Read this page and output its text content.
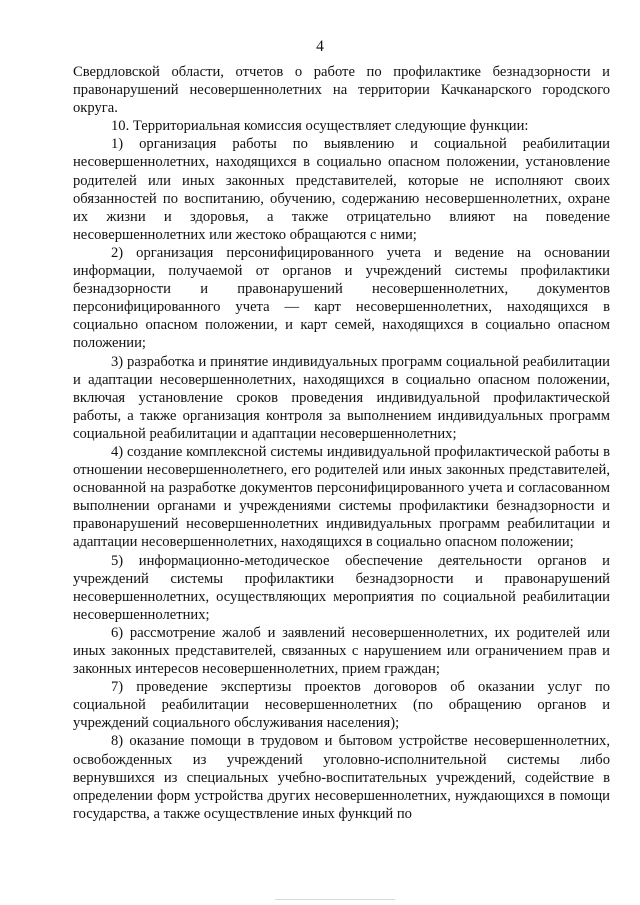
4

Свердловской области, отчетов о работе по профилактике безнадзорности и правонарушений несовершеннолетних на территории Качканарского городского округа.

10. Территориальная комиссия осуществляет следующие функции:

1) организация работы по выявлению и социальной реабилитации несовершеннолетних, находящихся в социально опасном положении, установление родителей или иных законных представителей, которые не исполняют своих обязанностей по воспитанию, обучению, содержанию несовершеннолетних, охране их жизни и здоровья, а также отрицательно влияют на поведение несовершеннолетних или жестоко обращаются с ними;

2) организация персонифицированного учета и ведение на основании информации, получаемой от органов и учреждений системы профилактики безнадзорности и правонарушений несовершеннолетних, документов персонифицированного учета — карт несовершеннолетних, находящихся в социально опасном положении, и карт семей, находящихся в социально опасном положении;

3) разработка и принятие индивидуальных программ социальной реабилитации и адаптации несовершеннолетних, находящихся в социально опасном положении, включая установление сроков проведения индивидуальной профилактической работы, а также организация контроля за выполнением индивидуальных программ социальной реабилитации и адаптации несовершеннолетних;

4) создание комплексной системы индивидуальной профилактической работы в отношении несовершеннолетнего, его родителей или иных законных представителей, основанной на разработке документов персонифицированного учета и согласованном выполнении органами и учреждениями системы профилактики безнадзорности и правонарушений несовершеннолетних индивидуальных программ реабилитации и адаптации несовершеннолетних, находящихся в социально опасном положении;

5) информационно-методическое обеспечение деятельности органов и учреждений системы профилактики безнадзорности и правонарушений несовершеннолетних, осуществляющих мероприятия по социальной реабилитации несовершеннолетних;

6) рассмотрение жалоб и заявлений несовершеннолетних, их родителей или иных законных представителей, связанных с нарушением или ограничением прав и законных интересов несовершеннолетних, прием граждан;

7) проведение экспертизы проектов договоров об оказании услуг по социальной реабилитации несовершеннолетних (по обращению органов и учреждений социального обслуживания населения);

8) оказание помощи в трудовом и бытовом устройстве несовершеннолетних, освобожденных из учреждений уголовно-исполнительной системы либо вернувшихся из специальных учебно-воспитательных учреждений, содействие в определении форм устройства других несовершеннолетних, нуждающихся в помощи государства, а также осуществление иных функций по
